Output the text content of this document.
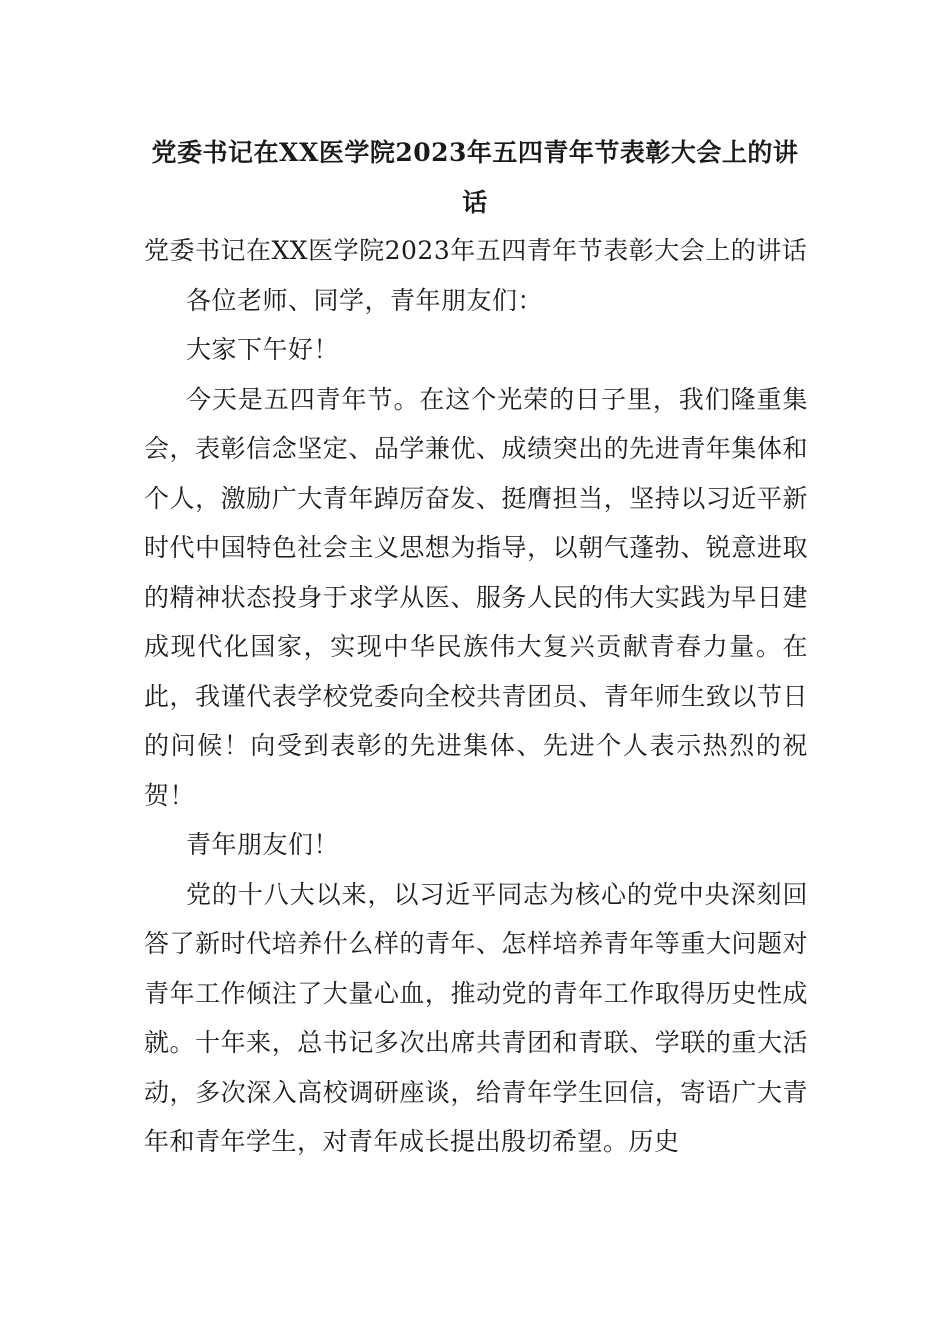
党委书记在XX医学院2023年五四青年节表彰大会上的讲话

党委书记在XX医学院2023年五四青年节表彰大会上的讲话

各位老师、同学，青年朋友们：

大家下午好！

今天是五四青年节。在这个光荣的日子里，我们隆重集会，表彰信念坚定、品学兼优、成绩突出的先进青年集体和个人，激励广大青年踔厉奋发、挺膺担当，坚持以习近平新时代中国特色社会主义思想为指导，以朝气蓬勃、锐意进取的精神状态投身于求学从医、服务人民的伟大实践为早日建成现代化国家，实现中华民族伟大复兴贡献青春力量。在此，我谨代表学校党委向全校共青团员、青年师生致以节日的问候！向受到表彰的先进集体、先进个人表示热烈的祝贺！

青年朋友们！

党的十八大以来，以习近平同志为核心的党中央深刻回答了新时代培养什么样的青年、怎样培养青年等重大问题对青年工作倾注了大量心血，推动党的青年工作取得历史性成就。十年来，总书记多次出席共青团和青联、学联的重大活动，多次深入高校调研座谈，给青年学生回信，寄语广大青年和青年学生，对青年成长提出殷切希望。历史
